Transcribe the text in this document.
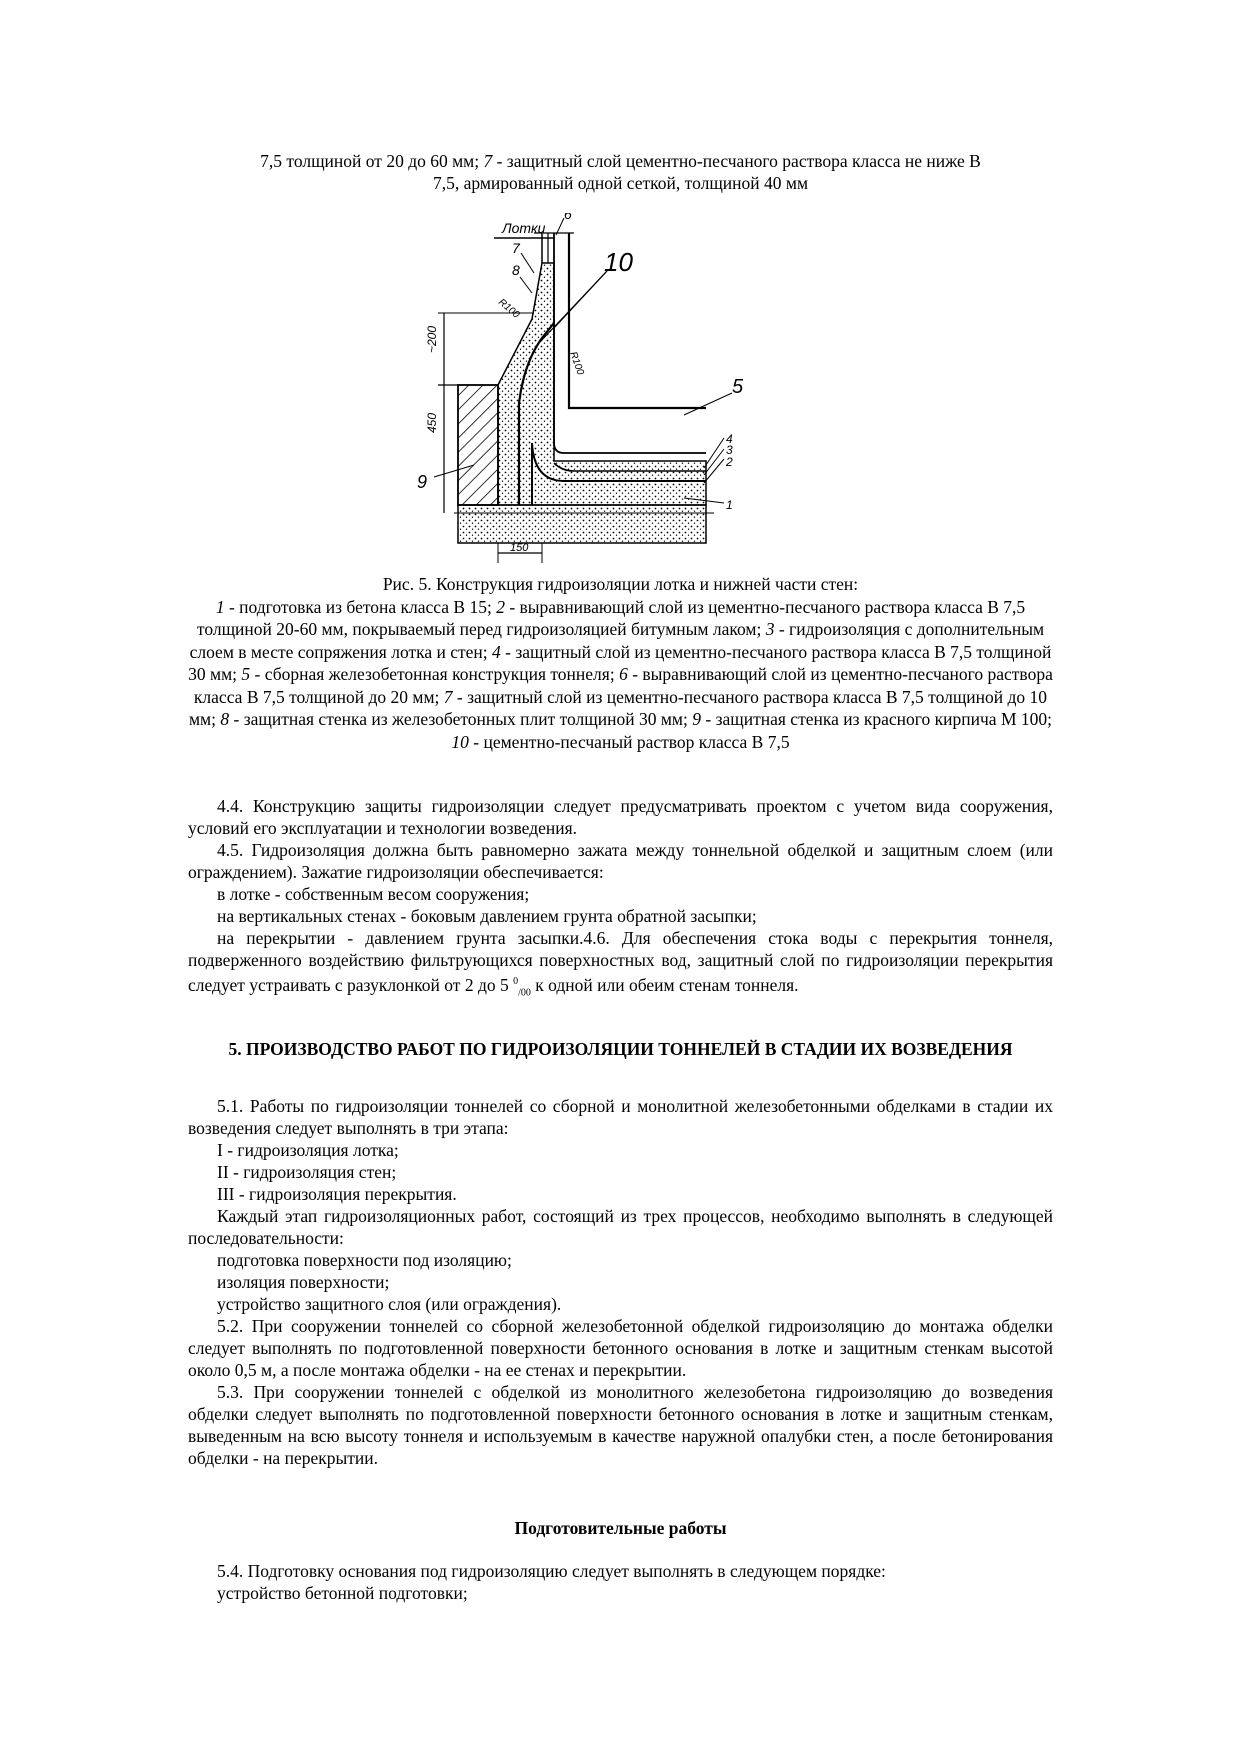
7,5 толщиной от 20 до 60 мм; 7 - защитный слой цементно-песчаного раствора класса не ниже В
7,5, армированный одной сеткой, толщиной 40 мм
Лотки
7
8
6
10
5
4
3
2
1
9
R100
R100
~200
450
150
Рис. 5. Конструкция гидроизоляции лотка и нижней части стен:
1 - подготовка из бетона класса В 15; 2 - выравнивающий слой из цементно-песчаного раствора класса В 7,5 толщиной 20-60 мм, покрываемый перед гидроизоляцией битумным лаком; 3 - гидроизоляция с дополнительным слоем в месте сопряжения лотка и стен; 4 - защитный слой из цементно-песчаного раствора класса В 7,5 толщиной 30 мм; 5 - сборная железобетонная конструкция тоннеля; 6 - выравнивающий слой из цементно-песчаного раствора класса В 7,5 толщиной до 20 мм; 7 - защитный слой из цементно-песчаного раствора класса В 7,5 толщиной до 10 мм; 8 - защитная стенка из железобетонных плит толщиной 30 мм; 9 - защитная стенка из красного кирпича М 100; 10 - цементно-песчаный раствор класса В 7,5

4.4. Конструкцию защиты гидроизоляции следует предусматривать проектом с учетом вида сооружения, условий его эксплуатации и технологии возведения.

4.5. Гидроизоляция должна быть равномерно зажата между тоннельной обделкой и защитным слоем (или ограждением). Зажатие гидроизоляции обеспечивается:

в лотке - собственным весом сооружения;

на вертикальных стенах - боковым давлением грунта обратной засыпки;

на перекрытии - давлением грунта засыпки.4.6. Для обеспечения стока воды с перекрытия тоннеля, подверженного воздействию фильтрующихся поверхностных вод, защитный слой по гидроизоляции перекрытия следует устраивать с разуклонкой от 2 до 5 $^0_{/00}$ к одной или обеим стенам тоннеля.

5. ПРОИЗВОДСТВО РАБОТ ПО ГИДРОИЗОЛЯЦИИ ТОННЕЛЕЙ В СТАДИИ ИХ ВОЗВЕДЕНИЯ

5.1. Работы по гидроизоляции тоннелей со сборной и монолитной железобетонными обделками в стадии их возведения следует выполнять в три этапа:

I - гидроизоляция лотка;

II - гидроизоляция стен;

III - гидроизоляция перекрытия.

Каждый этап гидроизоляционных работ, состоящий из трех процессов, необходимо выполнять в следующей последовательности:

подготовка поверхности под изоляцию;

изоляция поверхности;

устройство защитного слоя (или ограждения).

5.2. При сооружении тоннелей со сборной железобетонной обделкой гидроизоляцию до монтажа обделки следует выполнять по подготовленной поверхности бетонного основания в лотке и защитным стенкам высотой около 0,5 м, а после монтажа обделки - на ее стенах и перекрытии.

5.3. При сооружении тоннелей с обделкой из монолитного железобетона гидроизоляцию до возведения обделки следует выполнять по подготовленной поверхности бетонного основания в лотке и защитным стенкам, выведенным на всю высоту тоннеля и используемым в качестве наружной опалубки стен, а после бетонирования обделки - на перекрытии.

Подготовительные работы

5.4. Подготовку основания под гидроизоляцию следует выполнять в следующем порядке:

устройство бетонной подготовки;
